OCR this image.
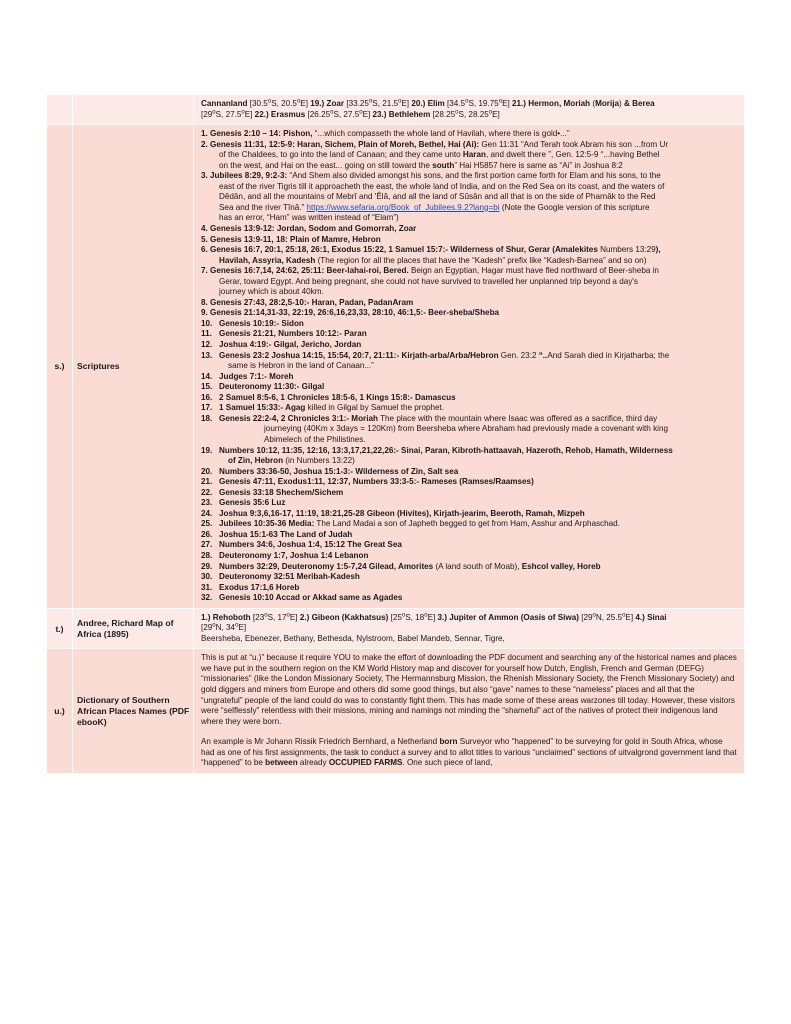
Cannanland [30.5$^o$S, 20.5$^o$E] 19.) Zoar [33.25$^o$S, 21.5$^o$E] 20.) Elim [34.5$^o$S, 19.75$^o$E] 21.) Hermon, Moriah (Morija) & Berea
[29$^o$S, 27.5$^o$E] 22.) Erasmus [26.25$^o$S, 27.5$^o$E] 23.) Bethlehem [28.25$^o$S, 28.25$^o$E]
s.)	Scriptures
1. Genesis 2:10 – 14: Pishon, “...which compasseth the whole land of Havilah, where there is gold•...”
2. Genesis 11:31, 12:5-9: Haran, Sichem, Plain of Moreh, Bethel, Hai (Ai): Gen 11:31 “And Terah took Abram his son ...from Ur
of the Chaldees, to go into the land of Canaan; and they came unto Haran, and dwelt there ”, Gen. 12:5-9 “...having Bethel
on the west, and Hai on the east... going on still toward the south” Hai H5857 here is same as “Ai” in Joshua 8:2
3. Jubilees 8:29, 9:2-3: “And Shem also divided amongst his sons, and the first portion came forth for Elam and his sons, to the
east of the river Tigris till it approacheth the east, the whole land of India, and on the Red Sea on its coast, and the waters of
Dêdân, and all the mountains of Mebrî and 'Êlâ, and all the land of Sûsân and all that is on the side of Pharnâk to the Red
Sea and the river Tînâ.” https://www.sefaria.org/Book_of_Jubilees.9.2?lang=bi (Note the Google version of this scripture
has an error, “Ham” was written instead of “Elam”)
4. Genesis 13:9-12: Jordan, Sodom and Gomorrah, Zoar
5. Genesis 13:9-11, 18: Plain of Mamre, Hebron
6. Genesis 16:7, 20:1, 25:18, 26:1, Exodus 15:22, 1 Samuel 15:7:- Wilderness of Shur, Gerar (Amalekites Numbers 13:29),
Havilah, Assyria, Kadesh (The region for all the places that have the “Kadesh” prefix like “Kadesh-Barnea” and so on)
7. Genesis 16:7,14, 24:62, 25:11: Beer-lahai-roi, Bered. Beign an Egyptian, Hagar must have fled northward of Beer-sheba in
Gerar, toward Egypt. And being pregnant, she could not have survived to travelled her unplanned trip beyond a day's
journey which is about 40km.
8. Genesis 27:43, 28:2,5-10:- Haran, Padan, PadanAram
9. Genesis 21:14,31-33, 22:19, 26:6,16,23,33, 28:10, 46:1,5:- Beer-sheba/Sheba
10. Genesis 10:19:- Sidon
11. Genesis 21:21, Numbers 10:12:- Paran
12. Joshua 4:19:- Gilgal, Jericho, Jordan
13. Genesis 23:2 Joshua 14:15, 15:54, 20:7, 21:11:- Kirjath-arba/Arba/Hebron Gen. 23:2 “..And Sarah died in Kirjatharba; the
same is Hebron in the land of Canaan...”
14. Judges 7:1:- Moreh
15. Deuteronomy 11:30:- Gilgal
16. 2 Samuel 8:5-6, 1 Chronicles 18:5-6, 1 Kings 15:8:- Damascus
17. 1 Samuel 15:33:- Agag killed in Gilgal by Samuel the prophet.
18. Genesis 22:2-4, 2 Chronicles 3:1:- Moriah The place with the mountain where Isaac was offered as a sacrifice, third day
journeying (40Km x 3days = 120Km) from Beersheba where Abraham had previously made a covenant with king
Abimelech of the Philistines.
19. Numbers 10:12, 11:35, 12:16, 13:3,17,21,22,26:- Sinai, Paran, Kibroth-hattaavah, Hazeroth, Rehob, Hamath, Wilderness
of Zin, Hebron (in Numbers 13:22)
20. Numbers 33:36-50, Joshua 15:1-3:- Wilderness of Zin, Salt sea
21. Genesis 47:11, Exodus1:11, 12:37, Numbers 33:3-5:- Rameses (Ramses/Raamses)
22. Genesis 33:18 Shechem/Sichem
23. Genesis 35:6 Luz
24. Joshua 9:3,6,16-17, 11:19, 18:21,25-28 Gibeon (Hivites), Kirjath-jearim, Beeroth, Ramah, Mizpeh
25. Jubilees 10:35-36 Media: The Land Madai a son of Japheth begged to get from Ham, Asshur and Arphaschad.
26. Joshua 15:1-63 The Land of Judah
27. Numbers 34:6, Joshua 1:4, 15:12 The Great Sea
28. Deuteronomy 1:7, Joshua 1:4 Lebanon
29. Numbers 32:29, Deuteronomy 1:5-7,24 Gilead, Amorites (A land south of Moab), Eshcol valley, Horeb
30. Deuteronomy 32:51 Meribah-Kadesh
31. Exodus 17:1,6 Horeb
32. Genesis 10:10 Accad or Akkad same as Agades
t.)
Andree, Richard Map of Africa (1895)
1.) Rehoboth [23$^o$S, 17$^o$E] 2.) Gibeon (Kakhatsus) [25$^o$S, 18$^o$E] 3.) Jupiter of Ammon (Oasis of Siwa) [29$^o$N, 25.5$^o$E] 4.) Sinai
[29$^o$N, 34$^o$E]
Beersheba, Ebenezer, Bethany, Bethesda, Nylstroom, Babel Mandeb, Sennar, Tigre,
u.)
Dictionary of Southern African Places Names (PDF ebooK)

This is put at “u.)” because it require YOU to make the effort of downloading the PDF document and searching any of the historical names and places we have put in the southern region on the KM World History map and discover for yourself how Dutch, English, French and German (DEFG) “missionaries” (like the London Missionary Society, The Hermannsburg Mission, the Rhenish Missionary Society, the French Missionary Society) and gold diggers and miners from Europe and others did some good things, but also “gave” names to these “nameless” places and all that the “ungrateful” people of the land could do was to constantly fight them. This has made some of these areas warzones till today. However, these visitors were “selflessly” relentless with their missions, mining and namings not minding the “shameful” act of the natives of protect their indigenous land where they were born.

An example is Mr Johann Rissik Friedrich Bernhard, a Netherland born Surveyor who “happened” to be surveying for gold in South Africa, whose had as one of his first assignments, the task to conduct a survey and to allot titles to various “unclaimed” sections of uitvalgrond government land that “happened” to be between already OCCUPIED FARMS. One such piece of land,
